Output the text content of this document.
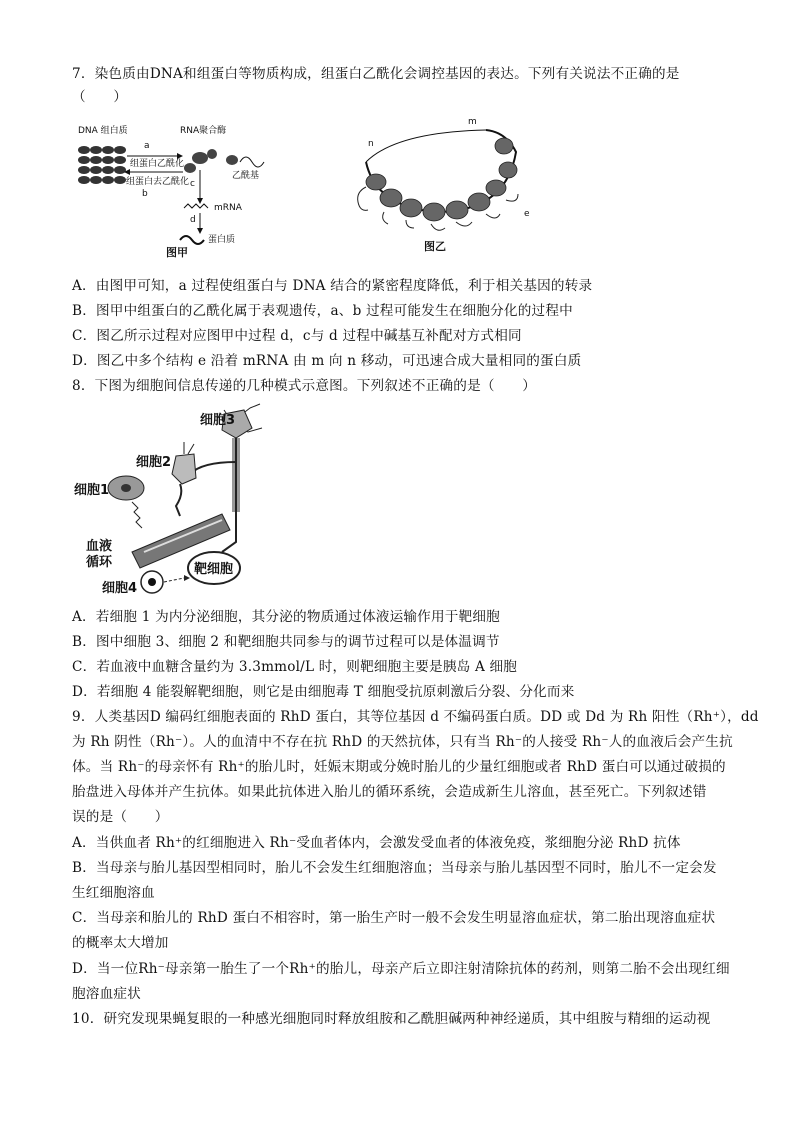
7．染色质由DNA和组蛋白等物质构成，组蛋白乙酰化会调控基因的表达。下列有关说法不正确的是
（　　）
DNA 组白质
a
组蛋白乙酰化
组蛋白去乙酰化
b
RNA聚合酶
乙酰基
c
mRNA
d
蛋白质
图甲
m
n
e
图乙
A．由图甲可知，a 过程使组蛋白与 DNA 结合的紧密程度降低，利于相关基因的转录
B．图甲中组蛋白的乙酰化属于表观遗传，a、b 过程可能发生在细胞分化的过程中
C．图乙所示过程对应图甲中过程 d，c与 d 过程中碱基互补配对方式相同
D．图乙中多个结构 e 沿着 mRNA 由 m 向 n 移动，可迅速合成大量相同的蛋白质
8．下图为细胞间信息传递的几种模式示意图。下列叙述不正确的是（　　）
细胞3
细胞2
细胞1
血液
循环	靶细胞
细胞4
A．若细胞 1 为内分泌细胞，其分泌的物质通过体液运输作用于靶细胞
B．图中细胞 3、细胞 2 和靶细胞共同参与的调节过程可以是体温调节
C．若血液中血糖含量约为 3.3mmol/L 时，则靶细胞主要是胰岛 A 细胞
D．若细胞 4 能裂解靶细胞，则它是由细胞毒 T 细胞受抗原刺激后分裂、分化而来
9．人类基因D 编码红细胞表面的 RhD 蛋白，其等位基因 d 不编码蛋白质。DD 或 Dd 为 Rh 阳性（Rh⁺），dd
为 Rh 阴性（Rh⁻）。人的血清中不存在抗 RhD 的天然抗体，只有当 Rh⁻的人接受 Rh⁻人的血液后会产生抗
体。当 Rh⁻的母亲怀有 Rh⁺的胎儿时，妊娠末期或分娩时胎儿的少量红细胞或者 RhD 蛋白可以通过破损的
胎盘进入母体并产生抗体。如果此抗体进入胎儿的循环系统，会造成新生儿溶血，甚至死亡。下列叙述错
误的是（　　）
A．当供血者 Rh⁺的红细胞进入 Rh⁻受血者体内，会激发受血者的体液免疫，浆细胞分泌 RhD 抗体
B．当母亲与胎儿基因型相同时，胎儿不会发生红细胞溶血；当母亲与胎儿基因型不同时，胎儿不一定会发
生红细胞溶血
C．当母亲和胎儿的 RhD 蛋白不相容时，第一胎生产时一般不会发生明显溶血症状，第二胎出现溶血症状
的概率太大增加
D．当一位Rh⁻母亲第一胎生了一个Rh⁺的胎儿，母亲产后立即注射清除抗体的药剂，则第二胎不会出现红细
胞溶血症状
10．研究发现果蝇复眼的一种感光细胞同时释放组胺和乙酰胆碱两种神经递质，其中组胺与精细的运动视
